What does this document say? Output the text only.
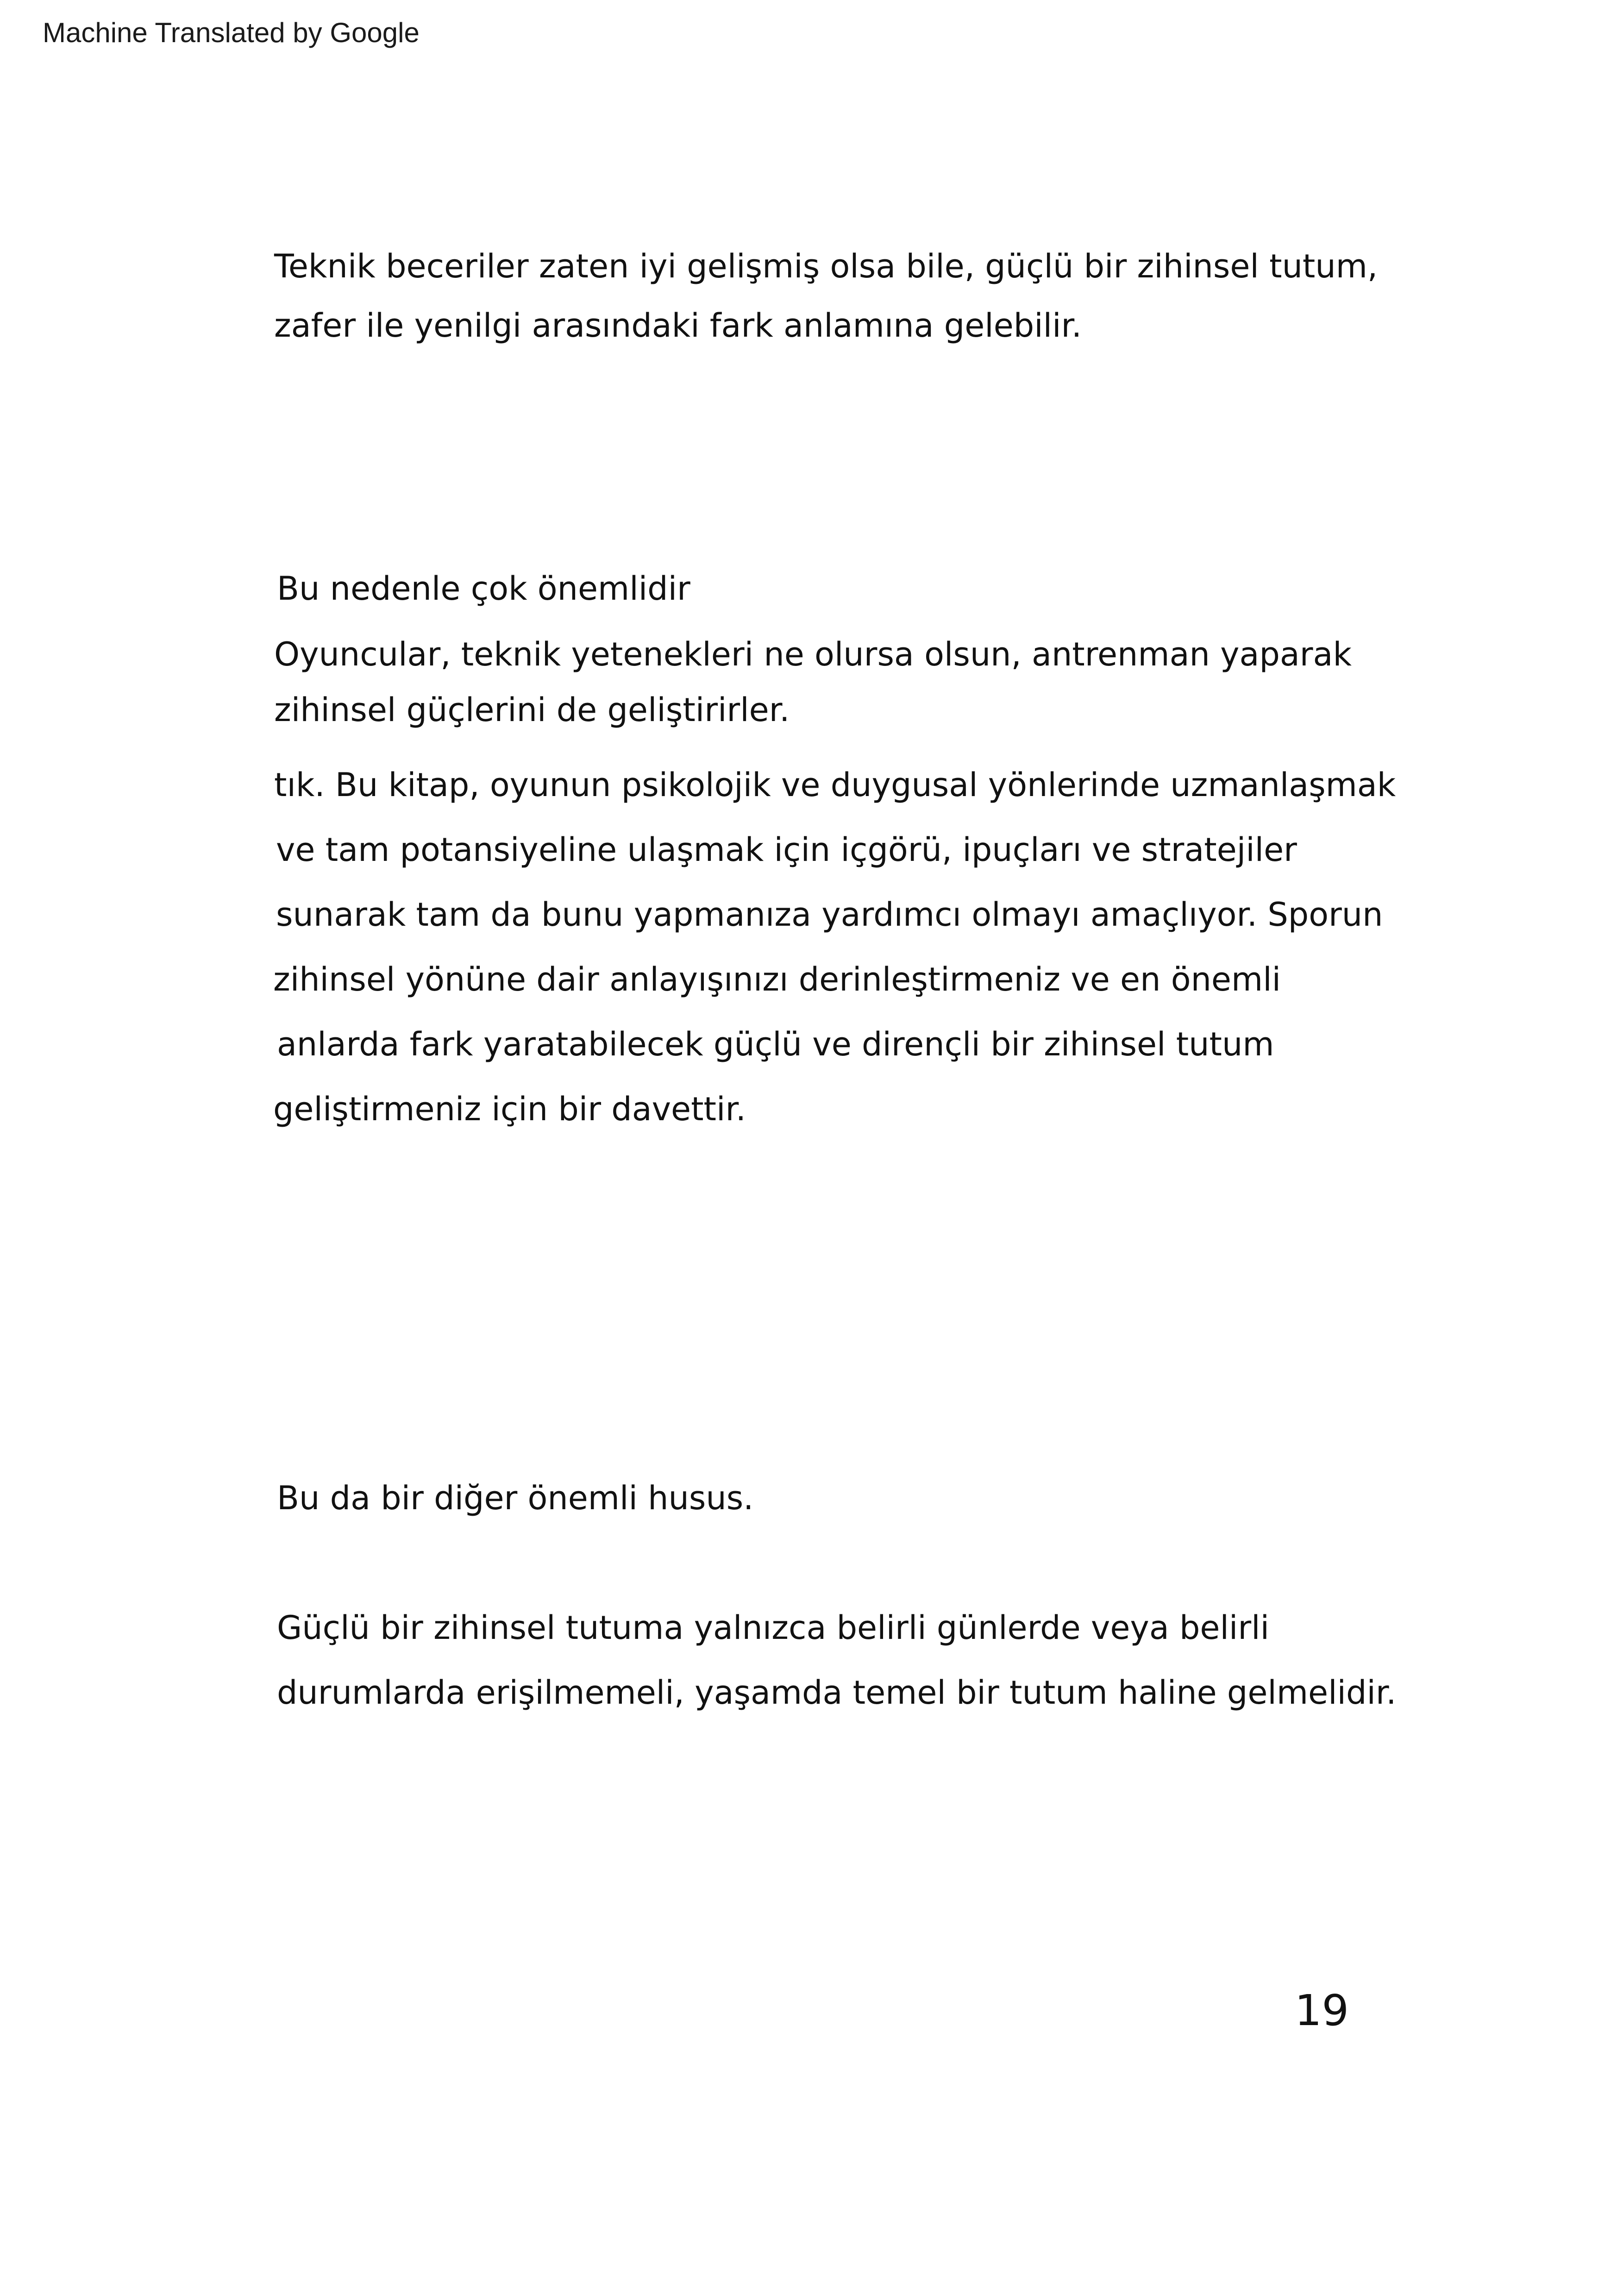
Machine Translated by Google
Teknik beceriler zaten iyi gelişmiş olsa bile, güçlü bir zihinsel tutum,
zafer ile yenilgi arasındaki fark anlamına gelebilir.
Bu nedenle çok önemlidir
Oyuncular, teknik yetenekleri ne olursa olsun, antrenman yaparak
zihinsel güçlerini de geliştirirler.
tık. Bu kitap, oyunun psikolojik ve duygusal yönlerinde uzmanlaşmak
ve tam potansiyeline ulaşmak için içgörü, ipuçları ve stratejiler
sunarak tam da bunu yapmanıza yardımcı olmayı amaçlıyor. Sporun
zihinsel yönüne dair anlayışınızı derinleştirmeniz ve en önemli
anlarda fark yaratabilecek güçlü ve dirençli bir zihinsel tutum
geliştirmeniz için bir davettir.
Bu da bir diğer önemli husus.
Güçlü bir zihinsel tutuma yalnızca belirli günlerde veya belirli
durumlarda erişilmemeli, yaşamda temel bir tutum haline gelmelidir.
19
